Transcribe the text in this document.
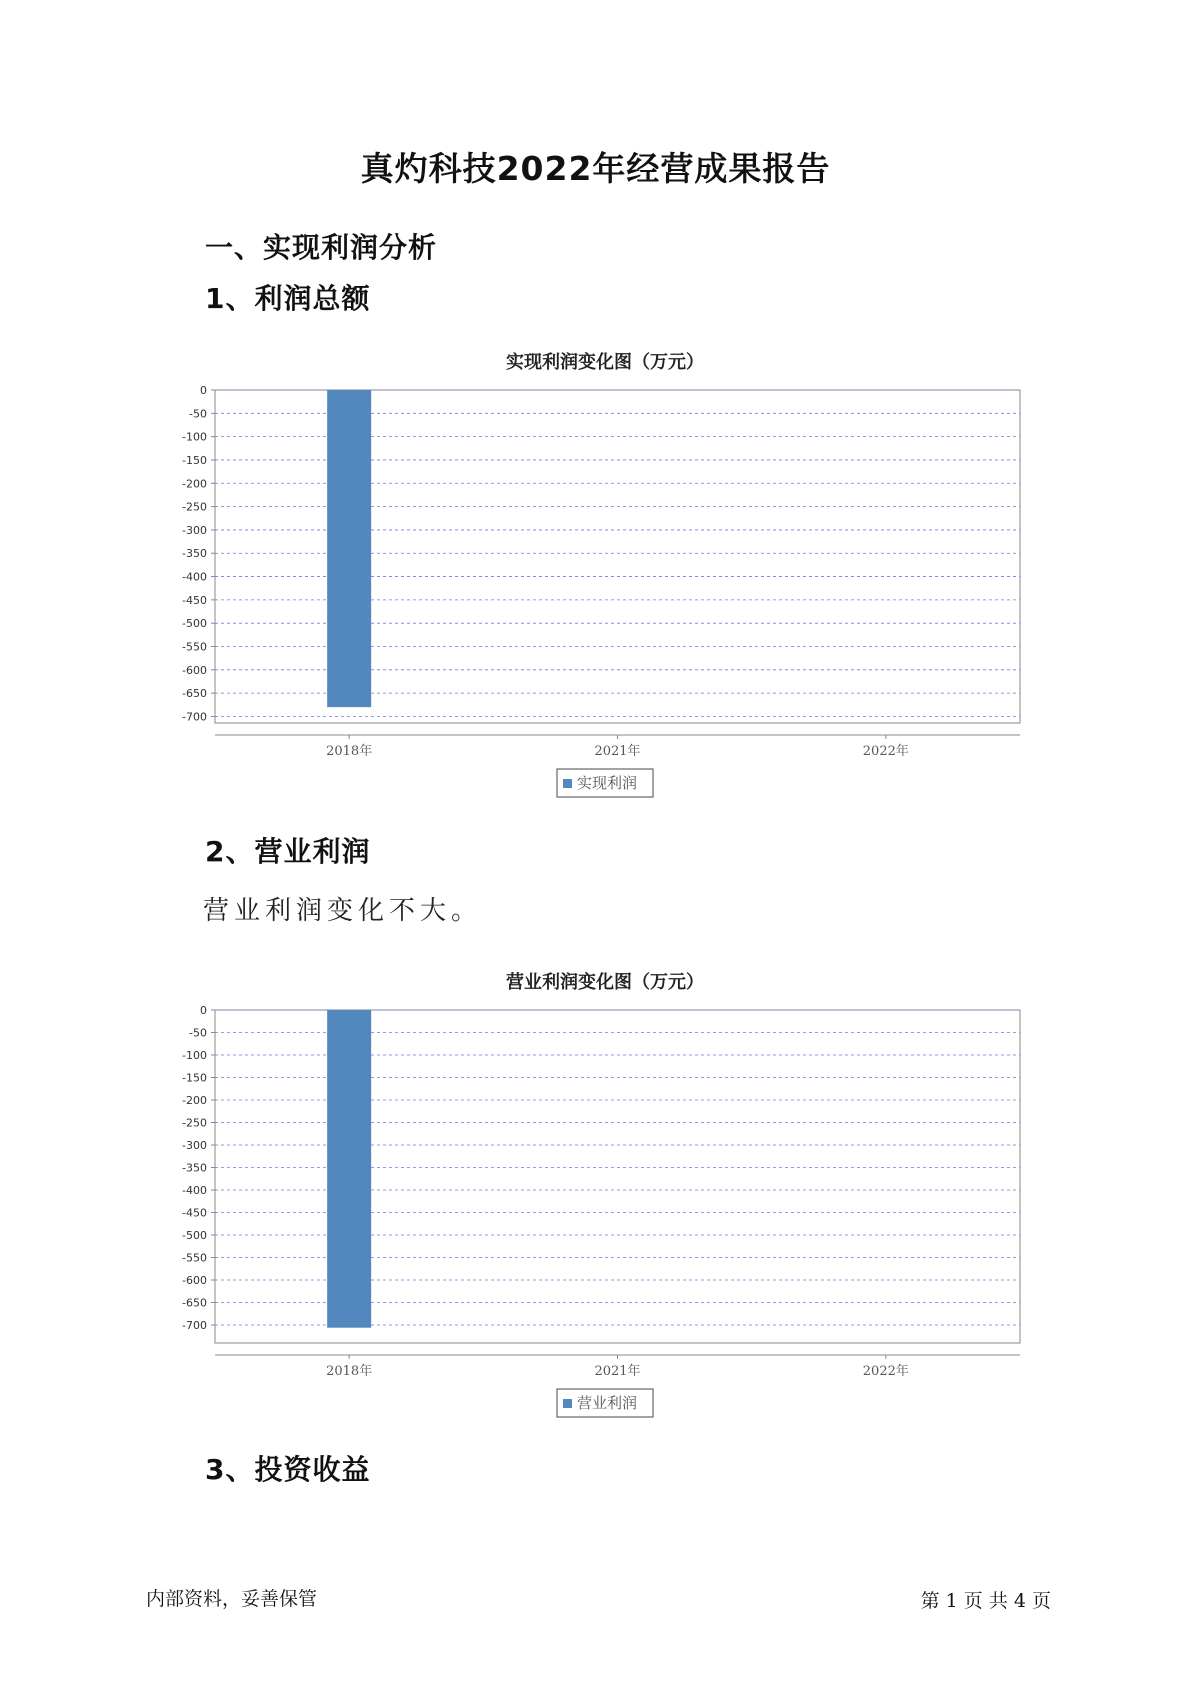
真灼科技2022年经营成果报告
一、实现利润分析
1、利润总额
实现利润变化图（万元）
0
-50
-100
-150
-200
-250
-300
-350
-400
-450
-500
-550
-600
-650
-700
2018年	2021年	2022年
实现利润
2、营业利润
营业利润变化不大。
营业利润变化图（万元）
0
-50
-100
-150
-200
-250
-300
-350
-400
-450
-500
-550
-600
-650
-700
2018年	2021年	2022年
营业利润
3、投资收益
内部资料，妥善保管	第 1 页 共 4 页
